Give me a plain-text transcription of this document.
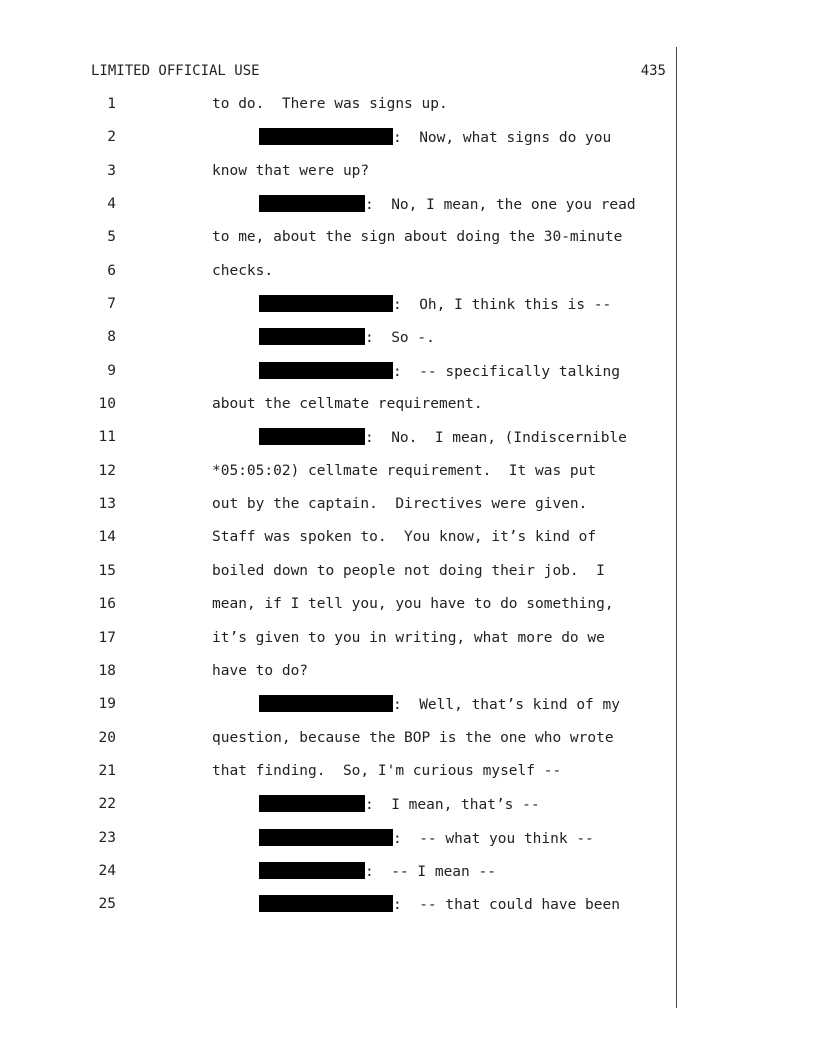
LIMITED OFFICIAL USE	435
1	to do.  There was signs up.
2	:  Now, what signs do you
3	know that were up?
4	:  No, I mean, the one you read
5	to me, about the sign about doing the 30-minute
6	checks.
7	:  Oh, I think this is --
8	:  So -.
9	:  -- specifically talking
10	about the cellmate requirement.
11	:  No.  I mean, (Indiscernible
12	*05:05:02) cellmate requirement.  It was put
13	out by the captain.  Directives were given.
14	Staff was spoken to.  You know, it’s kind of
15	boiled down to people not doing their job.  I
16	mean, if I tell you, you have to do something,
17	it’s given to you in writing, what more do we
18	have to do?
19	:  Well, that’s kind of my
20	question, because the BOP is the one who wrote
21	that finding.  So, I'm curious myself --
22	:  I mean, that’s --
23	:  -- what you think --
24	:  -- I mean --
25	:  -- that could have been
